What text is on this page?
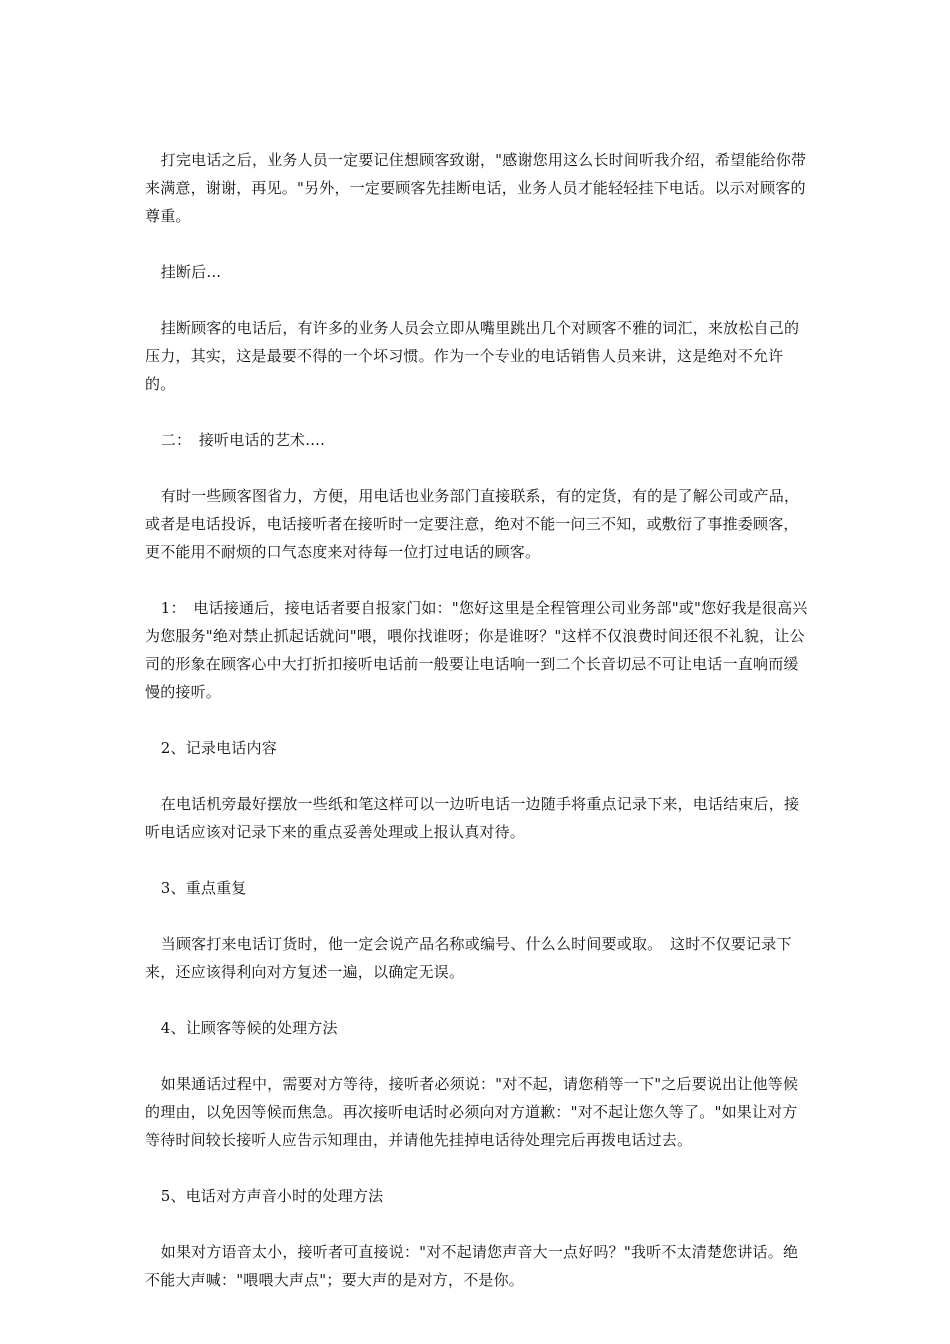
打完电话之后，业务人员一定要记住想顾客致谢，"感谢您用这么长时间听我介绍，希望能给你带来满意，谢谢，再见。"另外，一定要顾客先挂断电话，业务人员才能轻轻挂下电话。以示对顾客的尊重。

挂断后...

挂断顾客的电话后，有许多的业务人员会立即从嘴里跳出几个对顾客不雅的词汇，来放松自己的压力，其实，这是最要不得的一个坏习惯。作为一个专业的电话销售人员来讲，这是绝对不允许的。

二：　接听电话的艺术....

有时一些顾客图省力，方便，用电话也业务部门直接联系，有的定货，有的是了解公司或产品，或者是电话投诉，电话接听者在接听时一定要注意，绝对不能一问三不知，或敷衍了事推委顾客，更不能用不耐烦的口气态度来对待每一位打过电话的顾客。

1：　电话接通后，接电话者要自报家门如："您好这里是全程管理公司业务部"或"您好我是很高兴为您服务"绝对禁止抓起话就问"喂，喂你找谁呀；你是谁呀？"这样不仅浪费时间还很不礼貌，让公司的形象在顾客心中大打折扣接听电话前一般要让电话响一到二个长音切忌不可让电话一直响而缓慢的接听。

2、记录电话内容

在电话机旁最好摆放一些纸和笔这样可以一边听电话一边随手将重点记录下来，电话结束后，接听电话应该对记录下来的重点妥善处理或上报认真对待。

3、重点重复

当顾客打来电话订货时，他一定会说产品名称或编号、什么么时间要或取。　这时不仅要记录下来，还应该得利向对方复述一遍，以确定无误。

4、让顾客等候的处理方法

如果通话过程中，需要对方等待，接听者必须说："对不起，请您稍等一下"之后要说出让他等候的理由，以免因等候而焦急。再次接听电话时必须向对方道歉："对不起让您久等了。"如果让对方等待时间较长接听人应告示知理由，并请他先挂掉电话待处理完后再拨电话过去。

5、电话对方声音小时的处理方法

如果对方语音太小，接听者可直接说："对不起请您声音大一点好吗？"我听不太清楚您讲话。绝不能大声喊："喂喂大声点"；要大声的是对方，不是你。
